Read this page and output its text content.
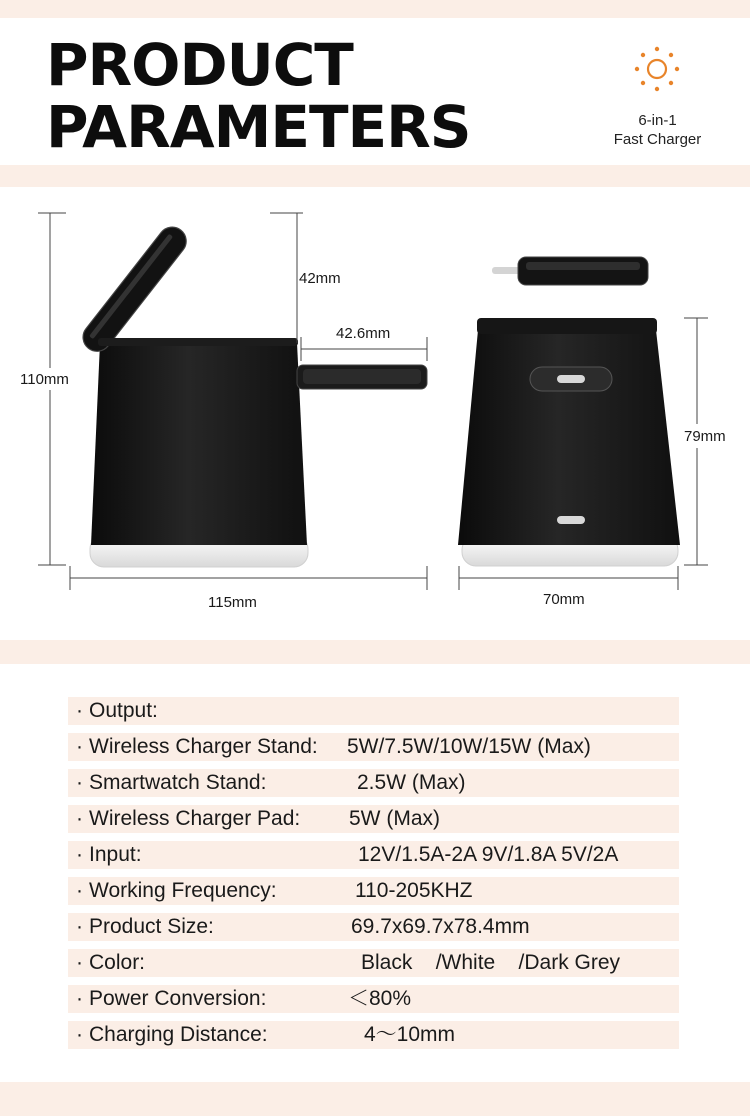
PRODUCT
PARAMETERS	6-in-1
Fast Charger
110mm
42mm
42.6mm
115mm
79mm
70mm
· Output:
· Wireless Charger Stand: 5W/7.5W/10W/15W (Max)
· Smartwatch Stand:	2.5W (Max)
· Wireless Charger Pad: 5W (Max)
· Input:	12V/1.5A-2A 9V/1.8A 5V/2A
· Working Frequency:	110-205KHZ
· Product Size:	69.7x69.7x78.4mm
· Color:	Black    /White    /Dark Grey
· Power Conversion:	＜80%
· Charging Distance:	4～10mm
